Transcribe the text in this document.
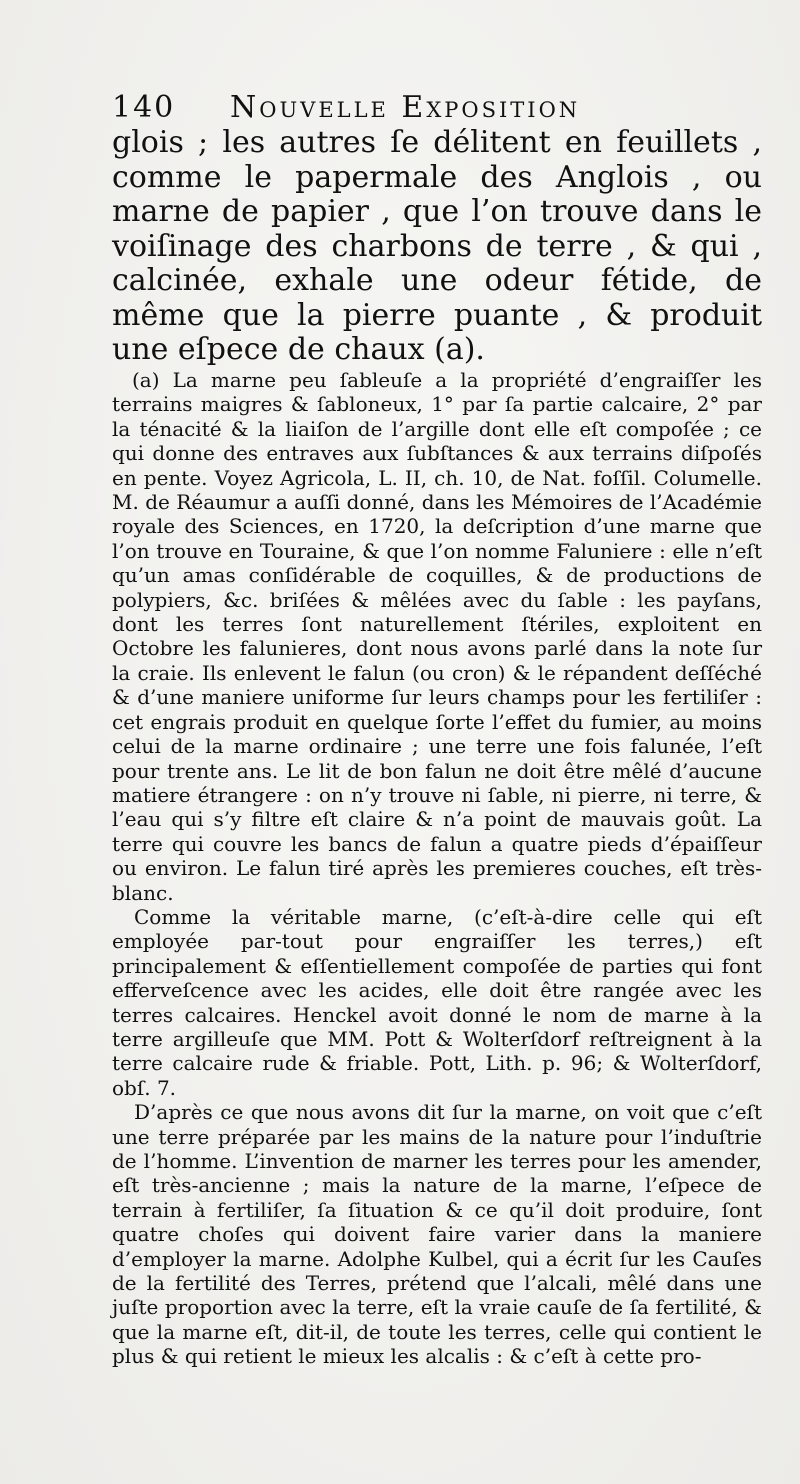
140 Nouvelle Exposition

glois ; les autres ſe délitent en feuillets , comme le papermale des Anglois , ou marne de papier , que l’on trouve dans le voiſinage des charbons de terre , & qui , calcinée, exhale une odeur fétide, de même que la pierre puante , & produit une eſpece de chaux (a).

(a) La marne peu ſableuſe a la propriété d’engraiſſer les terrains maigres & ſabloneux, 1° par ſa partie calcaire, 2° par la ténacité & la liaiſon de l’argille dont elle eſt compoſée ; ce qui donne des entraves aux ſubſtances & aux terrains diſpoſés en pente. Voyez Agricola, L. II, ch. 10, de Nat. foſſil. Columelle. M. de Réaumur a auſſi donné, dans les Mémoires de l’Académie royale des Sciences, en 1720, la deſcription d’une marne que l’on trouve en Touraine, & que l’on nomme Faluniere : elle n’eſt qu’un amas conſidérable de coquilles, & de productions de polypiers, &c. briſées & mêlées avec du ſable : les payſans, dont les terres ſont naturellement ſtériles, exploitent en Octobre les falunieres, dont nous avons parlé dans la note ſur la craie. Ils enlevent le falun (ou cron) & le répandent deſſéché & d’une maniere uniforme ſur leurs champs pour les fertiliſer : cet engrais produit en quelque ſorte l’effet du fumier, au moins celui de la marne ordinaire ; une terre une fois falunée, l’eſt pour trente ans. Le lit de bon falun ne doit être mêlé d’aucune matiere étrangere : on n’y trouve ni ſable, ni pierre, ni terre, & l’eau qui s’y filtre eſt claire & n’a point de mauvais goût. La terre qui couvre les bancs de falun a quatre pieds d’épaiſſeur ou environ. Le falun tiré après les premieres couches, eſt très-blanc.

Comme la véritable marne, (c’eſt-à-dire celle qui eſt employée par-tout pour engraiſſer les terres,) eſt principalement & eſſentiellement compoſée de parties qui font efferveſcence avec les acides, elle doit être rangée avec les terres calcaires. Henckel avoit donné le nom de marne à la terre argilleuſe que MM. Pott & Wolterſdorf reſtreignent à la terre calcaire rude & friable. Pott, Lith. p. 96; & Wolterſdorf, obſ. 7.

D’après ce que nous avons dit ſur la marne, on voit que c’eſt une terre préparée par les mains de la nature pour l’induſtrie de l’homme. L’invention de marner les terres pour les amender, eſt très-ancienne ; mais la nature de la marne, l’eſpece de terrain à fertiliſer, ſa ſituation & ce qu’il doit produire, ſont quatre choſes qui doivent faire varier dans la maniere d’employer la marne. Adolphe Kulbel, qui a écrit ſur les Cauſes de la fertilité des Terres, prétend que l’alcali, mêlé dans une juſte proportion avec la terre, eſt la vraie cauſe de ſa fertilité, & que la marne eſt, dit-il, de toute les terres, celle qui contient le plus & qui retient le mieux les alcalis : & c’eſt à cette pro-
